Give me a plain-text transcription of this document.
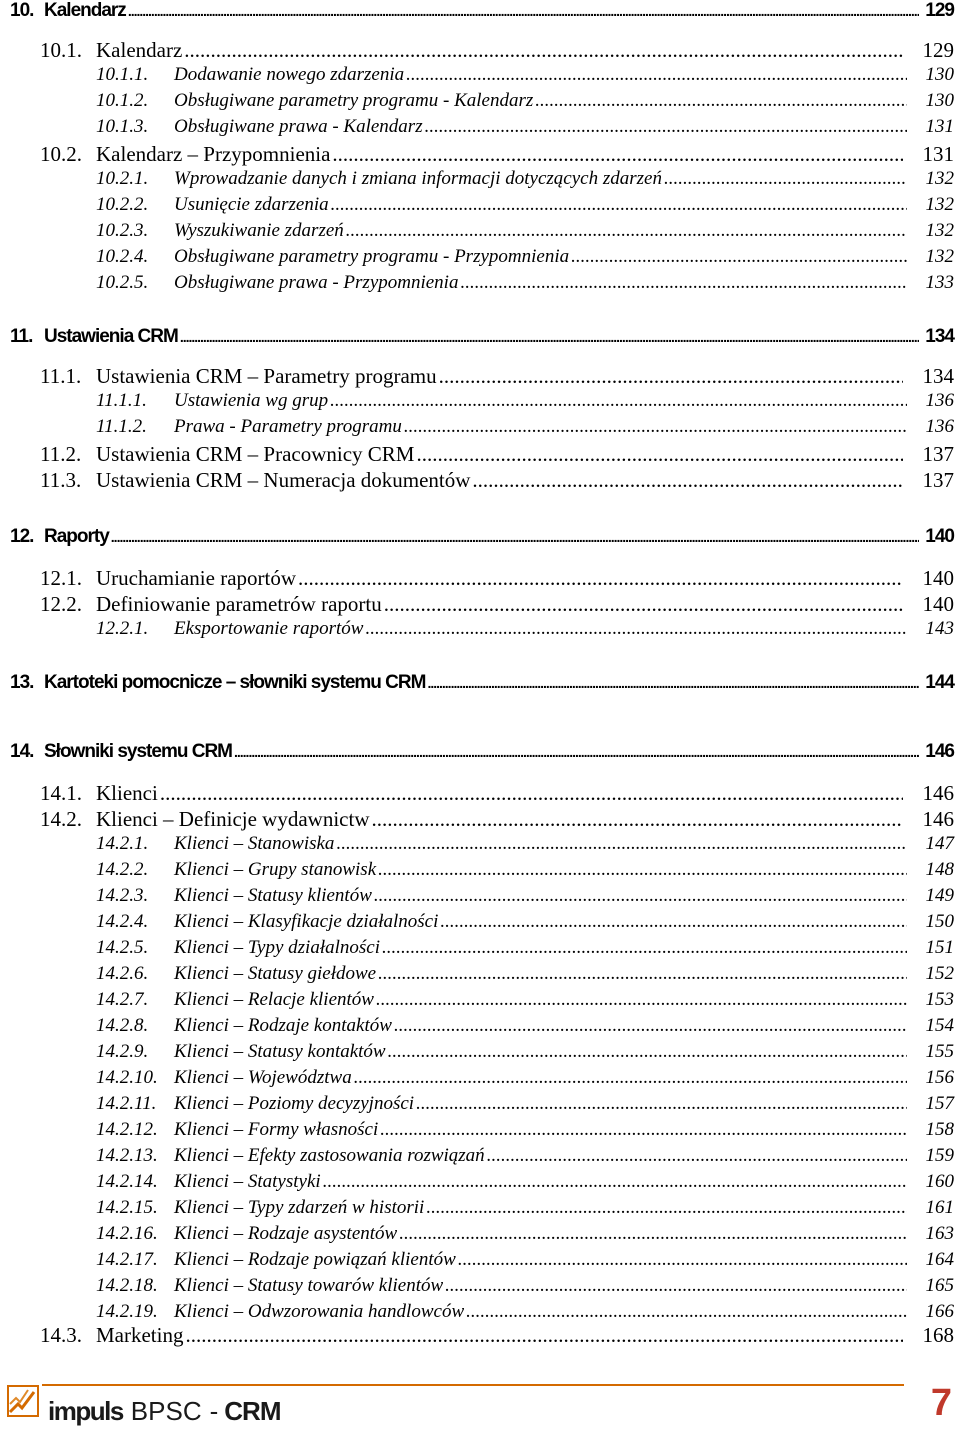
10. Kalendarz .....	129
10.1. Kalendarz .....	129
10.1.1.	Dodawanie nowego zdarzenia .....	130
10.1.2.	Obsługiwane parametry programu - Kalendarz .....	130
10.1.3.	Obsługiwane prawa - Kalendarz .....	131
10.2. Kalendarz – Przypomnienia .....	131
10.2.1.	Wprowadzanie danych i zmiana informacji dotyczących zdarzeń .....	132
10.2.2.	Usunięcie zdarzenia .....	132
10.2.3.	Wyszukiwanie zdarzeń .....	132
10.2.4.	Obsługiwane parametry programu - Przypomnienia .....	132
10.2.5.	Obsługiwane prawa - Przypomnienia .....	133
11. Ustawienia CRM .....	134
11.1. Ustawienia CRM – Parametry programu .....	134
11.1.1.	Ustawienia wg grup .....	136
11.1.2.	Prawa - Parametry programu .....	136
11.2. Ustawienia CRM – Pracownicy CRM .....	137
11.3. Ustawienia CRM – Numeracja dokumentów .....	137
12. Raporty .....	140
12.1. Uruchamianie raportów .....	140
12.2. Definiowanie parametrów raportu .....	140
12.2.1.	Eksportowanie raportów .....	143
13. Kartoteki pomocnicze – słowniki systemu CRM .....	144
14. Słowniki systemu CRM .....	146
14.1. Klienci .....	146
14.2. Klienci – Definicje wydawnictw .....	146
14.2.1.	Klienci – Stanowiska .....	147
14.2.2.	Klienci – Grupy stanowisk .....	148
14.2.3.	Klienci – Statusy klientów .....	149
14.2.4.	Klienci – Klasyfikacje działalności .....	150
14.2.5.	Klienci – Typy działalności .....	151
14.2.6.	Klienci – Statusy giełdowe .....	152
14.2.7.	Klienci – Relacje klientów .....	153
14.2.8.	Klienci – Rodzaje kontaktów .....	154
14.2.9.	Klienci – Statusy kontaktów .....	155
14.2.10. Klienci – Województwa .....	156
14.2.11. Klienci – Poziomy decyzyjności .....	157
14.2.12. Klienci – Formy własności .....	158
14.2.13. Klienci – Efekty zastosowania rozwiązań .....	159
14.2.14. Klienci – Statystyki .....	160
14.2.15. Klienci – Typy zdarzeń w historii .....	161
14.2.16. Klienci – Rodzaje asystentów .....	163
14.2.17. Klienci – Rodzaje powiązań klientów .....	164
14.2.18. Klienci – Statusy towarów klientów .....	165
14.2.19. Klienci – Odwzorowania handlowców .....	166
14.3. Marketing .....	168
impuls BPSC - CRM	7
